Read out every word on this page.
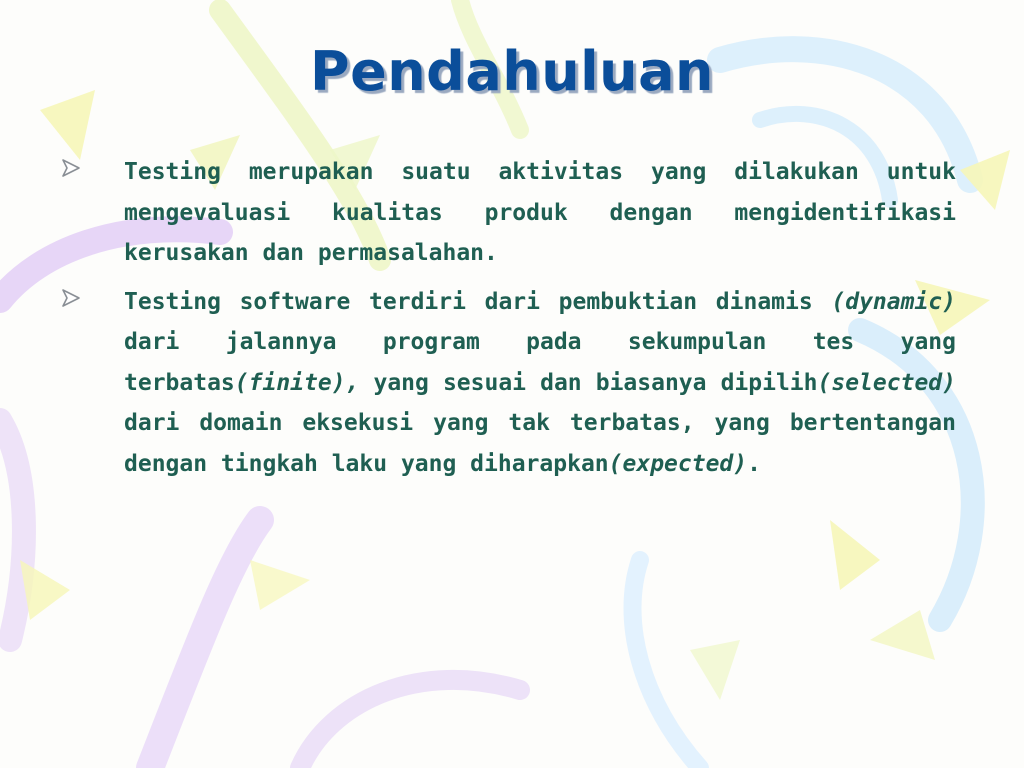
Pendahuluan
Testing merupakan suatu aktivitas yang dilakukan untuk mengevaluasi kualitas produk dengan mengidentifikasi kerusakan dan permasalahan.
Testing software terdiri dari pembuktian dinamis (dynamic) dari jalannya program pada sekumpulan tes yang terbatas(finite), yang sesuai dan biasanya dipilih(selected) dari domain eksekusi yang tak terbatas, yang bertentangan dengan tingkah laku yang diharapkan(expected).
